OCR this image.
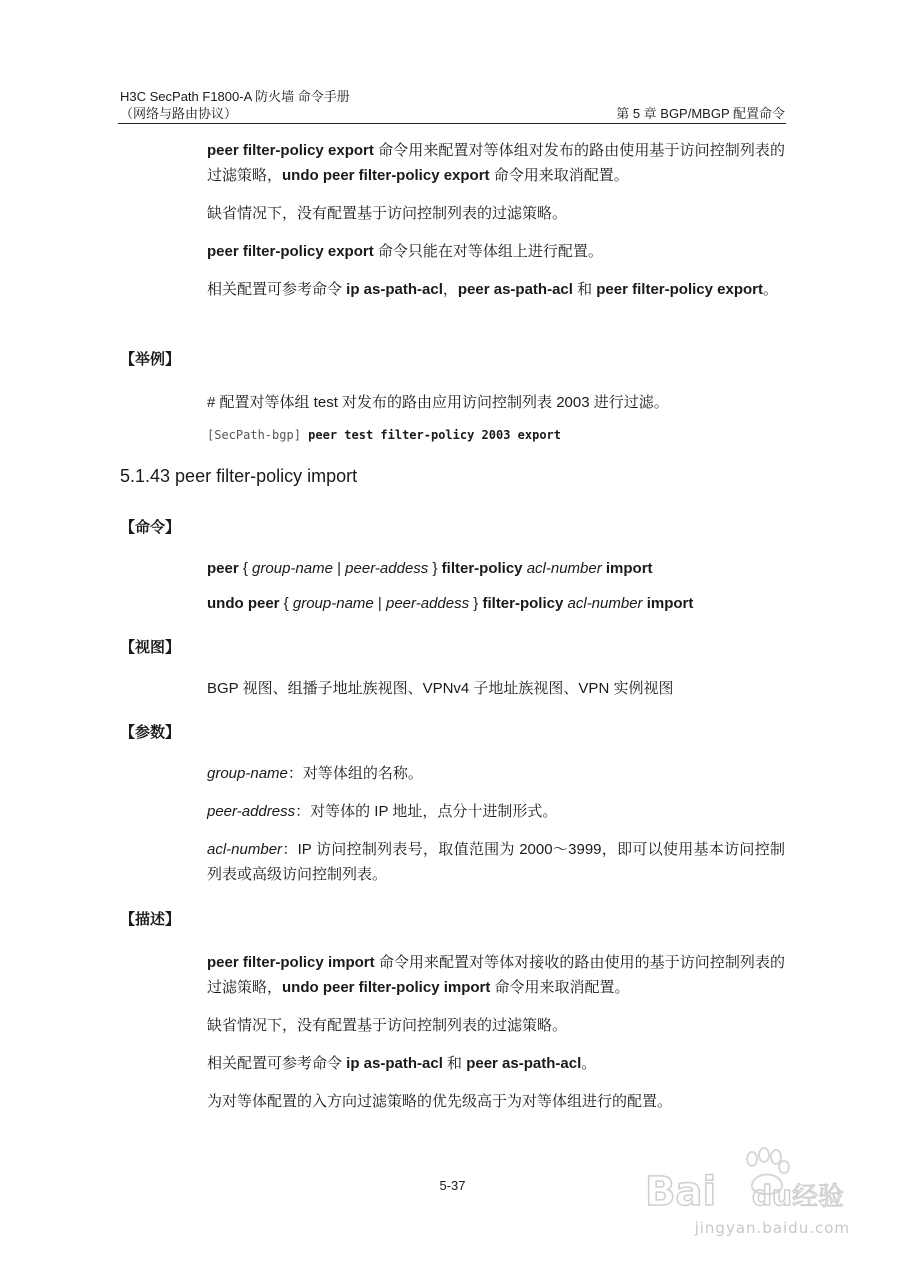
H3C SecPath F1800-A 防火墙 命令手册
（网络与路由协议）	第 5 章 BGP/MBGP 配置命令
peer filter-policy export 命令用来配置对等体组对发布的路由使用基于访问控制列表的过滤策略，undo peer filter-policy export 命令用来取消配置。
缺省情况下，没有配置基于访问控制列表的过滤策略。
peer filter-policy export 命令只能在对等体组上进行配置。
相关配置可参考命令 ip as-path-acl，peer as-path-acl 和 peer filter-policy export。
【举例】
# 配置对等体组 test 对发布的路由应用访问控制列表 2003 进行过滤。
[SecPath-bgp] peer test filter-policy 2003 export
5.1.43 peer filter-policy import
【命令】
peer { group-name | peer-addess } filter-policy acl-number import
undo peer { group-name | peer-addess } filter-policy acl-number import
【视图】
BGP 视图、组播子地址族视图、VPNv4 子地址族视图、VPN 实例视图
【参数】
group-name：对等体组的名称。
peer-address：对等体的 IP 地址，点分十进制形式。
acl-number：IP 访问控制列表号，取值范围为 2000～3999，即可以使用基本访问控制列表或高级访问控制列表。
【描述】
peer filter-policy import 命令用来配置对等体对接收的路由使用的基于访问控制列表的过滤策略，undo peer filter-policy import 命令用来取消配置。
缺省情况下，没有配置基于访问控制列表的过滤策略。
相关配置可参考命令 ip as-path-acl 和 peer as-path-acl。
为对等体配置的入方向过滤策略的优先级高于为对等体组进行的配置。
5-37	Bai du 经验
jingyan.baidu.com
